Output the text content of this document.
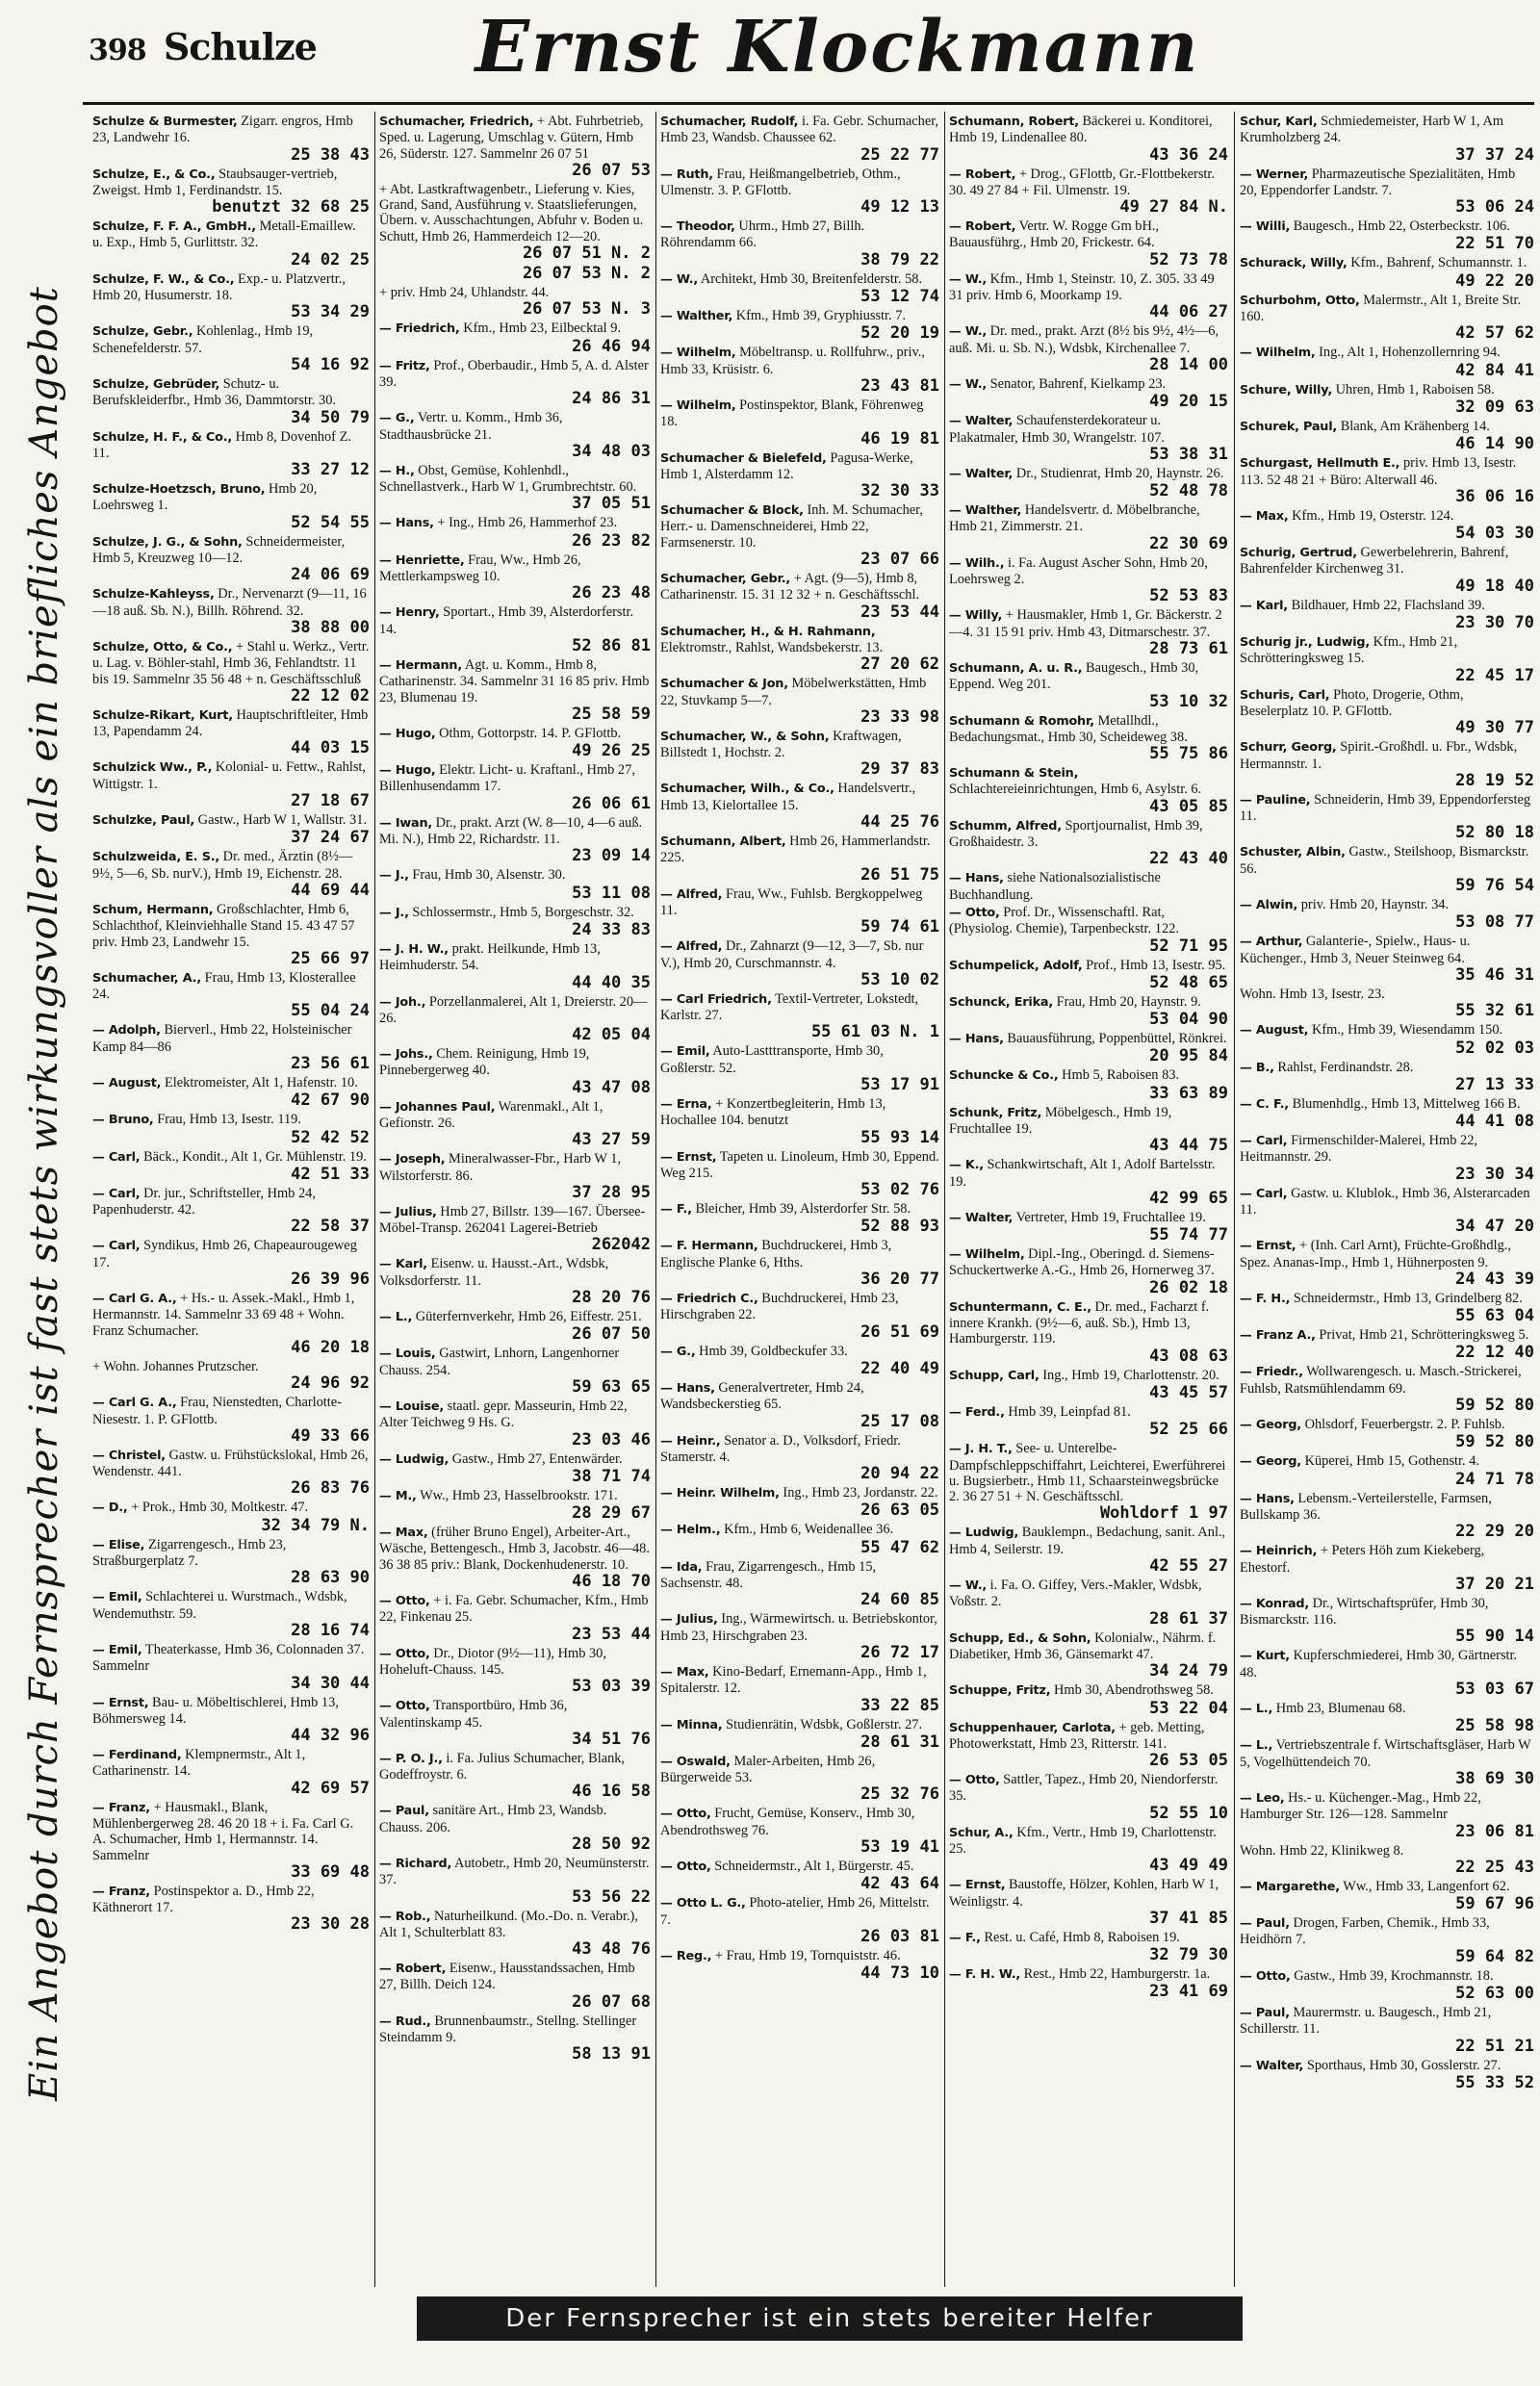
398 Schulze Ernst Klockmann
Ein Angebot durch Fernsprecher ist fast stets wirkungsvoller als ein briefliches Angebot
Schulze & Burmester, Zigarr. engros, Hmb 23, Landwehr 16.
25 38 43
Schulze, E., & Co., Staubsauger-vertrieb, Zweigst. Hmb 1, Ferdinandstr. 15.
benutzt 32 68 25
Schulze, F. F. A., GmbH., Metall-Emaillew. u. Exp., Hmb 5, Gurlittstr. 32.
24 02 25
Schulze, F. W., & Co., Exp.- u. Platzvertr., Hmb 20, Husumerstr. 18.
53 34 29
Schulze, Gebr., Kohlenlag., Hmb 19, Schenefelderstr. 57.
54 16 92
Schulze, Gebrüder, Schutz- u. Berufskleiderfbr., Hmb 36, Dammtorstr. 30.
34 50 79
Schulze, H. F., & Co., Hmb 8, Dovenhof Z. 11.
33 27 12
Schulze-Hoetzsch, Bruno, Hmb 20, Loehrsweg 1.
52 54 55
Schulze, J. G., & Sohn, Schneidermeister, Hmb 5, Kreuzweg 10—12.
24 06 69
Schulze-Kahleyss, Dr., Nervenarzt (9—11, 16—18 auß. Sb. N.), Billh. Röhrend. 32.
38 88 00
Schulze, Otto, & Co., + Stahl u. Werkz., Vertr. u. Lag. v. Böhler-stahl, Hmb 36, Fehlandtstr. 11 bis 19. Sammelnr 35 56 48 + n. Geschäftsschluß
22 12 02
Schulze-Rikart, Kurt, Hauptschriftleiter, Hmb 13, Papendamm 24.
44 03 15
Schulzick Ww., P., Kolonial- u. Fettw., Rahlst, Wittigstr. 1.
27 18 67
Schulzke, Paul, Gastw., Harb W 1, Wallstr. 31.
37 24 67
Schulzweida, E. S., Dr. med., Ärztin (8½—9½, 5—6, Sb. nurV.), Hmb 19, Eichenstr. 28.
44 69 44
Schum, Hermann, Großschlachter, Hmb 6, Schlachthof, Kleinviehhalle Stand 15. 43 47 57 priv. Hmb 23, Landwehr 15.
25 66 97
Schumacher, A., Frau, Hmb 13, Klosterallee 24.
55 04 24
— Adolph, Bierverl., Hmb 22, Holsteinischer Kamp 84—86
23 56 61
— August, Elektromeister, Alt 1, Hafenstr. 10.
42 67 90
— Bruno, Frau, Hmb 13, Isestr. 119.
52 42 52
— Carl, Bäck., Kondit., Alt 1, Gr. Mühlenstr. 19.
42 51 33
— Carl, Dr. jur., Schriftsteller, Hmb 24, Papenhuderstr. 42.
22 58 37
— Carl, Syndikus, Hmb 26, Chapeaurougeweg 17.
26 39 96
— Carl G. A., + Hs.- u. Assek.-Makl., Hmb 1, Hermannstr. 14. Sammelnr 33 69 48 + Wohn. Franz Schumacher.
46 20 18
+ Wohn. Johannes Prutzscher.
24 96 92
— Carl G. A., Frau, Nienstedten, Charlotte-Niesestr. 1. P. GFlottb.
49 33 66
— Christel, Gastw. u. Frühstückslokal, Hmb 26, Wendenstr. 441.
26 83 76
— D., + Prok., Hmb 30, Moltkestr. 47.
32 34 79 N.
— Elise, Zigarrengesch., Hmb 23, Straßburgerplatz 7.
28 63 90
— Emil, Schlachterei u. Wurstmach., Wdsbk, Wendemuthstr. 59.
28 16 74
— Emil, Theaterkasse, Hmb 36, Colonnaden 37. Sammelnr
34 30 44
— Ernst, Bau- u. Möbeltischlerei, Hmb 13, Böhmersweg 14.
44 32 96
— Ferdinand, Klempnermstr., Alt 1, Catharinenstr. 14.
42 69 57
— Franz, + Hausmakl., Blank, Mühlenbergerweg 28. 46 20 18 + i. Fa. Carl G. A. Schumacher, Hmb 1, Hermannstr. 14. Sammelnr
33 69 48
— Franz, Postinspektor a. D., Hmb 22, Käthnerort 17.
23 30 28
Schumacher, Friedrich, + Abt. Fuhrbetrieb, Sped. u. Lagerung, Umschlag v. Gütern, Hmb 26, Süderstr. 127. Sammelnr 26 07 51
26 07 53
+ Abt. Lastkraftwagenbetr., Lieferung v. Kies, Grand, Sand, Ausführung v. Staatslieferungen, Übern. v. Ausschachtungen, Abfuhr v. Boden u. Schutt, Hmb 26, Hammerdeich 12—20.
26 07 51 N. 2
26 07 53 N. 2
+ priv. Hmb 24, Uhlandstr. 44.
26 07 53 N. 3
— Friedrich, Kfm., Hmb 23, Eilbecktal 9.
26 46 94
— Fritz, Prof., Oberbaudir., Hmb 5, A. d. Alster 39.
24 86 31
— G., Vertr. u. Komm., Hmb 36, Stadthausbrücke 21.
34 48 03
— H., Obst, Gemüse, Kohlenhdl., Schnellastverk., Harb W 1, Grumbrechtstr. 60.
37 05 51
— Hans, + Ing., Hmb 26, Hammerhof 23.
26 23 82
— Henriette, Frau, Ww., Hmb 26, Mettlerkampsweg 10.
26 23 48
— Henry, Sportart., Hmb 39, Alsterdorferstr. 14.
52 86 81
— Hermann, Agt. u. Komm., Hmb 8, Catharinenstr. 34. Sammelnr 31 16 85 priv. Hmb 23, Blumenau 19.
25 58 59
— Hugo, Othm, Gottorpstr. 14. P. GFlottb.
49 26 25
— Hugo, Elektr. Licht- u. Kraftanl., Hmb 27, Billenhusendamm 17.
26 06 61
— Iwan, Dr., prakt. Arzt (W. 8—10, 4—6 auß. Mi. N.), Hmb 22, Richardstr. 11.
23 09 14
— J., Frau, Hmb 30, Alsenstr. 30.
53 11 08
— J., Schlossermstr., Hmb 5, Borgeschstr. 32.
24 33 83
— J. H. W., prakt. Heilkunde, Hmb 13, Heimhuderstr. 54.
44 40 35
— Joh., Porzellanmalerei, Alt 1, Dreierstr. 20—26.
42 05 04
— Johs., Chem. Reinigung, Hmb 19, Pinnebergerweg 40.
43 47 08
— Johannes Paul, Warenmakl., Alt 1, Gefionstr. 26.
43 27 59
— Joseph, Mineralwasser-Fbr., Harb W 1, Wilstorferstr. 86.
37 28 95
— Julius, Hmb 27, Billstr. 139—167. Übersee-Möbel-Transp. 262041 Lagerei-Betrieb
262042
— Karl, Eisenw. u. Hausst.-Art., Wdsbk, Volksdorferstr. 11.
28 20 76
— L., Güterfernverkehr, Hmb 26, Eiffestr. 251.
26 07 50
— Louis, Gastwirt, Lnhorn, Langenhorner Chauss. 254.
59 63 65
— Louise, staatl. gepr. Masseurin, Hmb 22, Alter Teichweg 9 Hs. G.
23 03 46
— Ludwig, Gastw., Hmb 27, Entenwärder.
38 71 74
— M., Ww., Hmb 23, Hasselbrookstr. 171.
28 29 67
— Max, (früher Bruno Engel), Arbeiter-Art., Wäsche, Bettengesch., Hmb 3, Jacobstr. 46—48. 36 38 85 priv.: Blank, Dockenhudenerstr. 10.
46 18 70
— Otto, + i. Fa. Gebr. Schumacher, Kfm., Hmb 22, Finkenau 25.
23 53 44
— Otto, Dr., Diotor (9½—11), Hmb 30, Hoheluft-Chauss. 145.
53 03 39
— Otto, Transportbüro, Hmb 36, Valentinskamp 45.
34 51 76
— P. O. J., i. Fa. Julius Schumacher, Blank, Godeffroystr. 6.
46 16 58
— Paul, sanitäre Art., Hmb 23, Wandsb. Chauss. 206.
28 50 92
— Richard, Autobetr., Hmb 20, Neumünsterstr. 37.
53 56 22
— Rob., Naturheilkund. (Mo.-Do. n. Verabr.), Alt 1, Schulterblatt 83.
43 48 76
— Robert, Eisenw., Hausstandssachen, Hmb 27, Billh. Deich 124.
26 07 68
— Rud., Brunnenbaumstr., Stellng. Stellinger Steindamm 9.
58 13 91
Schumacher, Rudolf, i. Fa. Gebr. Schumacher, Hmb 23, Wandsb. Chaussee 62.
25 22 77
— Ruth, Frau, Heißmangelbetrieb, Othm., Ulmenstr. 3. P. GFlottb.
49 12 13
— Theodor, Uhrm., Hmb 27, Billh. Röhrendamm 66.
38 79 22
— W., Architekt, Hmb 30, Breitenfelderstr. 58.
53 12 74
— Walther, Kfm., Hmb 39, Gryphiusstr. 7.
52 20 19
— Wilhelm, Möbeltransp. u. Rollfuhrw., priv., Hmb 33, Krüsistr. 6.
23 43 81
— Wilhelm, Postinspektor, Blank, Föhrenweg 18.
46 19 81
Schumacher & Bielefeld, Pagusa-Werke, Hmb 1, Alsterdamm 12.
32 30 33
Schumacher & Block, Inh. M. Schumacher, Herr.- u. Damenschneiderei, Hmb 22, Farmsenerstr. 10.
23 07 66
Schumacher, Gebr., + Agt. (9—5), Hmb 8, Catharinenstr. 15. 31 12 32 + n. Geschäftsschl.
23 53 44
Schumacher, H., & H. Rahmann, Elektromstr., Rahlst, Wandsbekerstr. 13.
27 20 62
Schumacher & Jon, Möbelwerkstätten, Hmb 22, Stuvkamp 5—7.
23 33 98
Schumacher, W., & Sohn, Kraftwagen, Billstedt 1, Hochstr. 2.
29 37 83
Schumacher, Wilh., & Co., Handelsvertr., Hmb 13, Kielortallee 15.
44 25 76
Schumann, Albert, Hmb 26, Hammerlandstr. 225.
26 51 75
— Alfred, Frau, Ww., Fuhlsb. Bergkoppelweg 11.
59 74 61
— Alfred, Dr., Zahnarzt (9—12, 3—7, Sb. nur V.), Hmb 20, Curschmannstr. 4.
53 10 02
— Carl Friedrich, Textil-Vertreter, Lokstedt, Karlstr. 27.
55 61 03 N. 1
— Emil, Auto-Lastttransporte, Hmb 30, Goßlerstr. 52.
53 17 91
— Erna, + Konzertbegleiterin, Hmb 13, Hochallee 104. benutzt
55 93 14
— Ernst, Tapeten u. Linoleum, Hmb 30, Eppend. Weg 215.
53 02 76
— F., Bleicher, Hmb 39, Alsterdorfer Str. 58.
52 88 93
— F. Hermann, Buchdruckerei, Hmb 3, Englische Planke 6, Hths.
36 20 77
— Friedrich C., Buchdruckerei, Hmb 23, Hirschgraben 22.
26 51 69
— G., Hmb 39, Goldbeckufer 33.
22 40 49
— Hans, Generalvertreter, Hmb 24, Wandsbeckerstieg 65.
25 17 08
— Heinr., Senator a. D., Volksdorf, Friedr. Stamerstr. 4.
20 94 22
— Heinr. Wilhelm, Ing., Hmb 23, Jordanstr. 22.
26 63 05
— Helm., Kfm., Hmb 6, Weidenallee 36.
55 47 62
— Ida, Frau, Zigarrengesch., Hmb 15, Sachsenstr. 48.
24 60 85
— Julius, Ing., Wärmewirtsch. u. Betriebskontor, Hmb 23, Hirschgraben 23.
26 72 17
— Max, Kino-Bedarf, Ernemann-App., Hmb 1, Spitalerstr. 12.
33 22 85
— Minna, Studienrätin, Wdsbk, Goßlerstr. 27.
28 61 31
— Oswald, Maler-Arbeiten, Hmb 26, Bürgerweide 53.
25 32 76
— Otto, Frucht, Gemüse, Konserv., Hmb 30, Abendrothsweg 76.
53 19 41
— Otto, Schneidermstr., Alt 1, Bürgerstr. 45.
42 43 64
— Otto L. G., Photo-atelier, Hmb 26, Mittelstr. 7.
26 03 81
— Reg., + Frau, Hmb 19, Tornquiststr. 46.
44 73 10
Schumann, Robert, Bäckerei u. Konditorei, Hmb 19, Lindenallee 80.
43 36 24
— Robert, + Drog., GFlottb, Gr.-Flottbekerstr. 30. 49 27 84 + Fil. Ulmenstr. 19.
49 27 84 N.
— Robert, Vertr. W. Rogge Gm bH., Bauausführg., Hmb 20, Frickestr. 64.
52 73 78
— W., Kfm., Hmb 1, Steinstr. 10, Z. 305. 33 49 31 priv. Hmb 6, Moorkamp 19.
44 06 27
— W., Dr. med., prakt. Arzt (8½ bis 9½, 4½—6, auß. Mi. u. Sb. N.), Wdsbk, Kirchenallee 7.
28 14 00
— W., Senator, Bahrenf, Kielkamp 23.
49 20 15
— Walter, Schaufensterdekorateur u. Plakatmaler, Hmb 30, Wrangelstr. 107.
53 38 31
— Walter, Dr., Studienrat, Hmb 20, Haynstr. 26.
52 48 78
— Walther, Handelsvertr. d. Möbelbranche, Hmb 21, Zimmerstr. 21.
22 30 69
— Wilh., i. Fa. August Ascher Sohn, Hmb 20, Loehrsweg 2.
52 53 83
— Willy, + Hausmakler, Hmb 1, Gr. Bäckerstr. 2—4. 31 15 91 priv. Hmb 43, Ditmarschestr. 37.
28 73 61
Schumann, A. u. R., Baugesch., Hmb 30, Eppend. Weg 201.
53 10 32
Schumann & Romohr, Metallhdl., Bedachungsmat., Hmb 30, Scheideweg 38.
55 75 86
Schumann & Stein, Schlachtereieinrichtungen, Hmb 6, Asylstr. 6.
43 05 85
Schumm, Alfred, Sportjournalist, Hmb 39, Großhaidestr. 3.
22 43 40
— Hans, siehe Nationalsozialistische Buchhandlung.
— Otto, Prof. Dr., Wissenschaftl. Rat, (Physiolog. Chemie), Tarpenbeckstr. 122.
52 71 95
Schumpelick, Adolf, Prof., Hmb 13, Isestr. 95.
52 48 65
Schunck, Erika, Frau, Hmb 20, Haynstr. 9.
53 04 90
— Hans, Bauausführung, Poppenbüttel, Rönkrei.
20 95 84
Schuncke & Co., Hmb 5, Raboisen 83.
33 63 89
Schunk, Fritz, Möbelgesch., Hmb 19, Fruchtallee 19.
43 44 75
— K., Schankwirtschaft, Alt 1, Adolf Bartelsstr. 19.
42 99 65
— Walter, Vertreter, Hmb 19, Fruchtallee 19.
55 74 77
— Wilhelm, Dipl.-Ing., Oberingd. d. Siemens-Schuckertwerke A.-G., Hmb 26, Hornerweg 37.
26 02 18
Schuntermann, C. E., Dr. med., Facharzt f. innere Krankh. (9½—6, auß. Sb.), Hmb 13, Hamburgerstr. 119.
43 08 63
Schupp, Carl, Ing., Hmb 19, Charlottenstr. 20.
43 45 57
— Ferd., Hmb 39, Leinpfad 81.
52 25 66
— J. H. T., See- u. Unterelbe-Dampfschleppschiffahrt, Leichterei, Ewerführerei u. Bugsierbetr., Hmb 11, Schaarsteinwegsbrücke 2. 36 27 51 + N. Geschäftsschl.
Wohldorf 1 97
— Ludwig, Bauklempn., Bedachung, sanit. Anl., Hmb 4, Seilerstr. 19.
42 55 27
— W., i. Fa. O. Giffey, Vers.-Makler, Wdsbk, Voßstr. 2.
28 61 37
Schupp, Ed., & Sohn, Kolonialw., Nährm. f. Diabetiker, Hmb 36, Gänsemarkt 47.
34 24 79
Schuppe, Fritz, Hmb 30, Abendrothsweg 58.
53 22 04
Schuppenhauer, Carlota, + geb. Metting, Photowerkstatt, Hmb 23, Ritterstr. 141.
26 53 05
— Otto, Sattler, Tapez., Hmb 20, Niendorferstr. 35.
52 55 10
Schur, A., Kfm., Vertr., Hmb 19, Charlottenstr. 25.
43 49 49
— Ernst, Baustoffe, Hölzer, Kohlen, Harb W 1, Weinligstr. 4.
37 41 85
— F., Rest. u. Café, Hmb 8, Raboisen 19.
32 79 30
— F. H. W., Rest., Hmb 22, Hamburgerstr. 1a.
23 41 69
Schur, Karl, Schmiedemeister, Harb W 1, Am Krumholzberg 24.
37 37 24
— Werner, Pharmazeutische Spezialitäten, Hmb 20, Eppendorfer Landstr. 7.
53 06 24
— Willi, Baugesch., Hmb 22, Osterbeckstr. 106.
22 51 70
Schurack, Willy, Kfm., Bahrenf, Schumannstr. 1.
49 22 20
Schurbohm, Otto, Malermstr., Alt 1, Breite Str. 160.
42 57 62
— Wilhelm, Ing., Alt 1, Hohenzollernring 94.
42 84 41
Schure, Willy, Uhren, Hmb 1, Raboisen 58.
32 09 63
Schurek, Paul, Blank, Am Krähenberg 14.
46 14 90
Schurgast, Hellmuth E., priv. Hmb 13, Isestr. 113. 52 48 21 + Büro: Alterwall 46.
36 06 16
— Max, Kfm., Hmb 19, Osterstr. 124.
54 03 30
Schurig, Gertrud, Gewerbelehrerin, Bahrenf, Bahrenfelder Kirchenweg 31.
49 18 40
— Karl, Bildhauer, Hmb 22, Flachsland 39.
23 30 70
Schurig jr., Ludwig, Kfm., Hmb 21, Schrötteringksweg 15.
22 45 17
Schuris, Carl, Photo, Drogerie, Othm, Beselerplatz 10. P. GFlottb.
49 30 77
Schurr, Georg, Spirit.-Großhdl. u. Fbr., Wdsbk, Hermannstr. 1.
28 19 52
— Pauline, Schneiderin, Hmb 39, Eppendorfersteg 11.
52 80 18
Schuster, Albin, Gastw., Steilshoop, Bismarckstr. 56.
59 76 54
— Alwin, priv. Hmb 20, Haynstr. 34.
53 08 77
— Arthur, Galanterie-, Spielw., Haus- u. Küchenger., Hmb 3, Neuer Steinweg 64.
35 46 31
Wohn. Hmb 13, Isestr. 23.
55 32 61
— August, Kfm., Hmb 39, Wiesendamm 150.
52 02 03
— B., Rahlst, Ferdinandstr. 28.
27 13 33
— C. F., Blumenhdlg., Hmb 13, Mittelweg 166 B.
44 41 08
— Carl, Firmenschilder-Malerei, Hmb 22, Heitmannstr. 29.
23 30 34
— Carl, Gastw. u. Klublok., Hmb 36, Alsterarcaden 11.
34 47 20
— Ernst, + (Inh. Carl Arnt), Früchte-Großhdlg., Spez. Ananas-Imp., Hmb 1, Hühnerposten 9.
24 43 39
— F. H., Schneidermstr., Hmb 13, Grindelberg 82.
55 63 04
— Franz A., Privat, Hmb 21, Schrötteringksweg 5.
22 12 40
— Friedr., Wollwarengesch. u. Masch.-Strickerei, Fuhlsb, Ratsmühlendamm 69.
59 52 80
— Georg, Ohlsdorf, Feuerbergstr. 2. P. Fuhlsb.
59 52 80
— Georg, Küperei, Hmb 15, Gothenstr. 4.
24 71 78
— Hans, Lebensm.-Verteilerstelle, Farmsen, Bullskamp 36.
22 29 20
— Heinrich, + Peters Höh zum Kiekeberg, Ehestorf.
37 20 21
— Konrad, Dr., Wirtschaftsprüfer, Hmb 30, Bismarckstr. 116.
55 90 14
— Kurt, Kupferschmiederei, Hmb 30, Gärtnerstr. 48.
53 03 67
— L., Hmb 23, Blumenau 68.
25 58 98
— L., Vertriebszentrale f. Wirtschaftsgläser, Harb W 5, Vogelhüttendeich 70.
38 69 30
— Leo, Hs.- u. Küchenger.-Mag., Hmb 22, Hamburger Str. 126—128. Sammelnr
23 06 81
Wohn. Hmb 22, Klinikweg 8.
22 25 43
— Margarethe, Ww., Hmb 33, Langenfort 62.
59 67 96
— Paul, Drogen, Farben, Chemik., Hmb 33, Heidhörn 7.
59 64 82
— Otto, Gastw., Hmb 39, Krochmannstr. 18.
52 63 00
— Paul, Maurermstr. u. Baugesch., Hmb 21, Schillerstr. 11.
22 51 21
— Walter, Sporthaus, Hmb 30, Gosslerstr. 27.
55 33 52
Der Fernsprecher ist ein stets bereiter Helfer
